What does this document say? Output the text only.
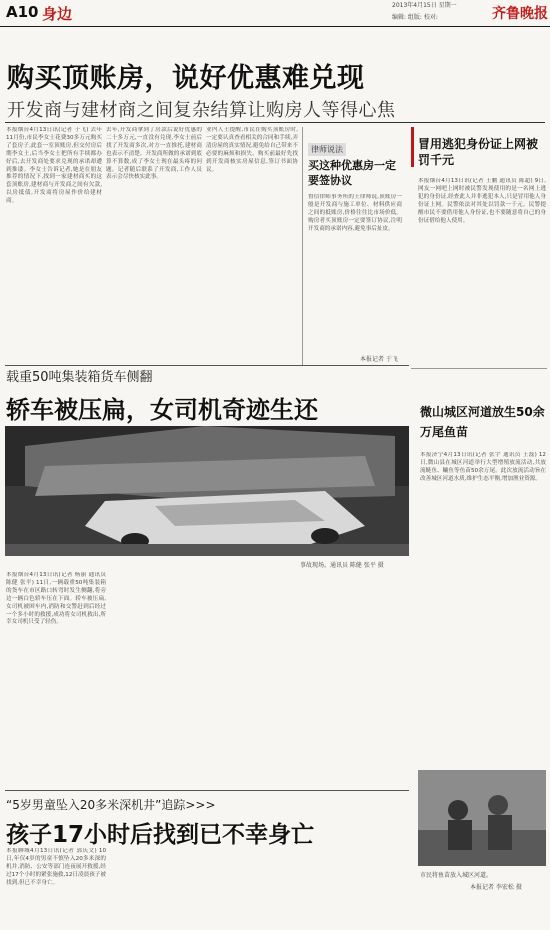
A10 身边	2013年4月15日 星期一
编辑: 组版: 校对:	齐鲁晚报
购买顶账房，说好优惠难兑现
开发商与建材商之间复杂结算让购房人等得心焦

本报烟台4月13日讯(记者 于飞) 去年11月份,市民李女士花费30多万元购买了套房子,此套一室顶账房,但交付房后期李女士,后当李女士把所有手续都办好后,去开发商处要求兑现的承诺却遭到推诿。李女士告诉记者,她是在朋友推荐的情况下,找到一家建材商买的这套顶账房,建材商与开发商之间有欠款,以房抵债,开发商将房屋作价给建材商。

去年,开发商拿到了房款后说好优惠的二十多万元,一直没有兑现,李女士前后找了开发商多次,对方一直推托,建材商也表示不清楚。开发商所做的承诺到底算不算数,成了李女士现在最头疼的问题。记者随后联系了开发商,工作人员表示会尽快核实此事。

业内人士提醒,市民在购买顶账房时,一定要认真查看相关的合同和手续,弄清房屋的真实情况,避免给自己带来不必要的麻烦和损失。购买前最好先找到开发商核实房屋信息,签订书面协议。

律师说法
买这种优惠房一定要签协议

鲁信律师事务所的王律师说,顶账房一般是开发商与施工单位、材料供应商之间的抵账房,价格往往比市场价低。购房者买顶账房一定要签订协议,注明开发商的承诺内容,避免事后扯皮。

本报记者 于飞
冒用逃犯身份证上网被罚千元

本报烟台4月13日讯(记者 王鹏 通讯员 陈超) 9日,网友一网吧上网时被民警发现使用的是一名网上逃犯的身份证,经查此人并非逃犯本人,只是冒用他人身份证上网。民警依法对其处以罚款一千元。民警提醒市民不要借用他人身份证,也不要随意将自己的身份证借给他人使用。

载重50吨集装箱货车侧翻
轿车被压扁，女司机奇迹生还
事故现场。通讯员 陈健 张平 摄

本报烟台4月13日讯(记者 杨丽 通讯员 陈健 张平) 11日,一辆载重50吨集装箱的货车在市区路口转弯时发生侧翻,将旁边一辆白色轿车压在下面。轿车被压扁,女司机被困车内,消防和交警赶到后经过一个多小时的救援,成功将女司机救出,所幸女司机只受了轻伤。

微山城区河道放生50余万尾鱼苗

本报济宁4月13日讯(记者 张宇 通讯员 王磊) 12日,微山县在城区河道举行大型增殖放流活动,共放流鲢鱼、鳙鱼等鱼苗50余万尾。此次放流活动旨在改善城区河道水质,维护生态平衡,增加渔业资源。

市民将鱼苗放入城区河道。
本报记者 李宏松 摄
“5岁男童坠入20多米深机井”追踪>>>
孩子17小时后找到已不幸身亡

本报聊城4月13日讯(记者 郭庆文) 10日,年仅4岁的男童不慎坠入20多米深的机井,消防、公安等部门连夜展开救援,经过17个小时的紧张施救,12日凌晨孩子被找到,但已不幸身亡。
